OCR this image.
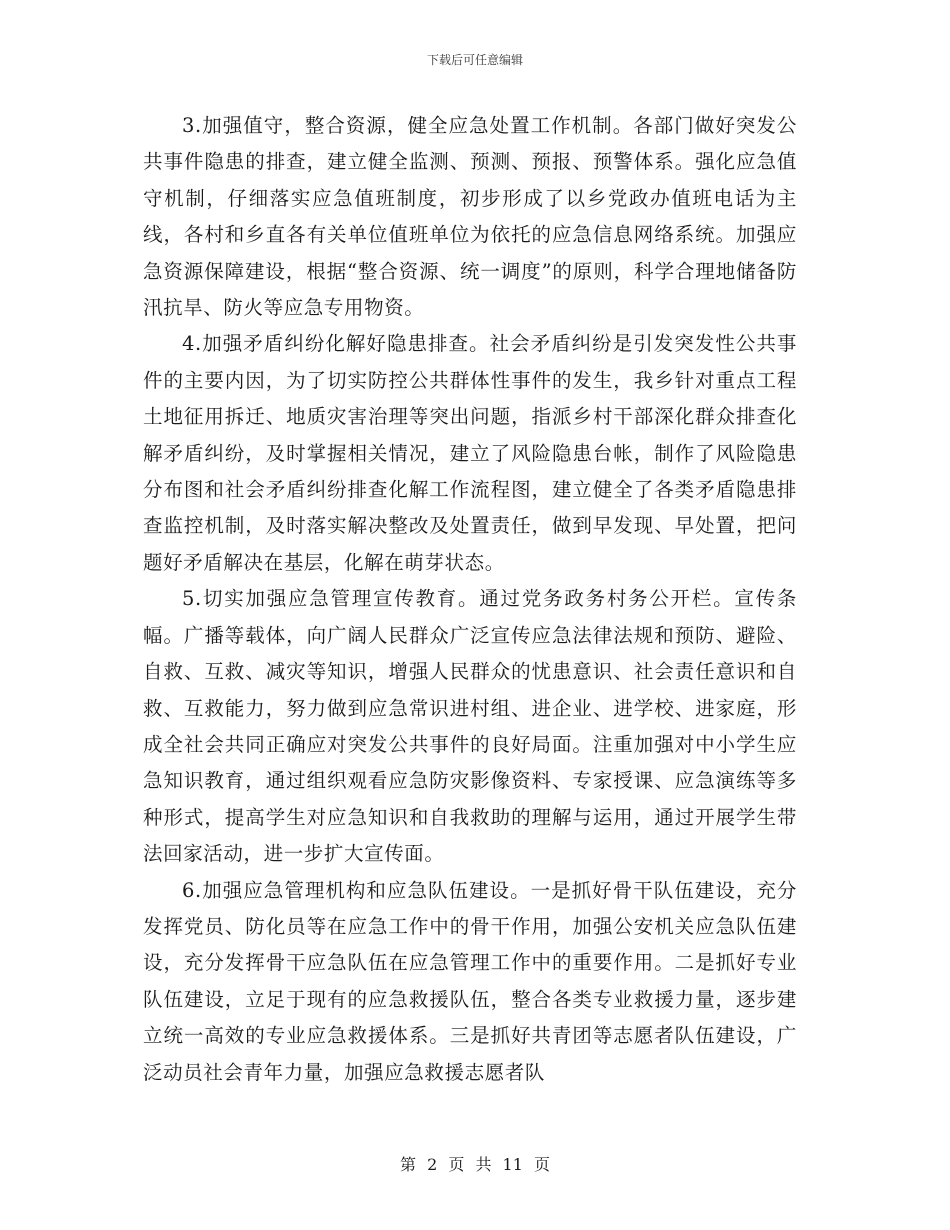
下载后可任意编辑

3.加强值守，整合资源，健全应急处置工作机制。各部门做好突发公共事件隐患的排查，建立健全监测、预测、预报、预警体系。强化应急值守机制，仔细落实应急值班制度，初步形成了以乡党政办值班电话为主线，各村和乡直各有关单位值班单位为依托的应急信息网络系统。加强应急资源保障建设，根据“整合资源、统一调度”的原则，科学合理地储备防汛抗旱、防火等应急专用物资。

4.加强矛盾纠纷化解好隐患排查。社会矛盾纠纷是引发突发性公共事件的主要内因，为了切实防控公共群体性事件的发生，我乡针对重点工程土地征用拆迁、地质灾害治理等突出问题，指派乡村干部深化群众排查化解矛盾纠纷，及时掌握相关情况，建立了风险隐患台帐，制作了风险隐患分布图和社会矛盾纠纷排查化解工作流程图，建立健全了各类矛盾隐患排查监控机制，及时落实解决整改及处置责任，做到早发现、早处置，把问题好矛盾解决在基层，化解在萌芽状态。

5.切实加强应急管理宣传教育。通过党务政务村务公开栏。宣传条幅。广播等载体，向广阔人民群众广泛宣传应急法律法规和预防、避险、自救、互救、减灾等知识，增强人民群众的忧患意识、社会责任意识和自救、互救能力，努力做到应急常识进村组、进企业、进学校、进家庭，形成全社会共同正确应对突发公共事件的良好局面。注重加强对中小学生应急知识教育，通过组织观看应急防灾影像资料、专家授课、应急演练等多种形式，提高学生对应急知识和自我救助的理解与运用，通过开展学生带法回家活动，进一步扩大宣传面。

6.加强应急管理机构和应急队伍建设。一是抓好骨干队伍建设，充分发挥党员、防化员等在应急工作中的骨干作用，加强公安机关应急队伍建设，充分发挥骨干应急队伍在应急管理工作中的重要作用。二是抓好专业队伍建设，立足于现有的应急救援队伍，整合各类专业救援力量，逐步建立统一高效的专业应急救援体系。三是抓好共青团等志愿者队伍建设，广泛动员社会青年力量，加强应急救援志愿者队

第 2 页 共 11 页
